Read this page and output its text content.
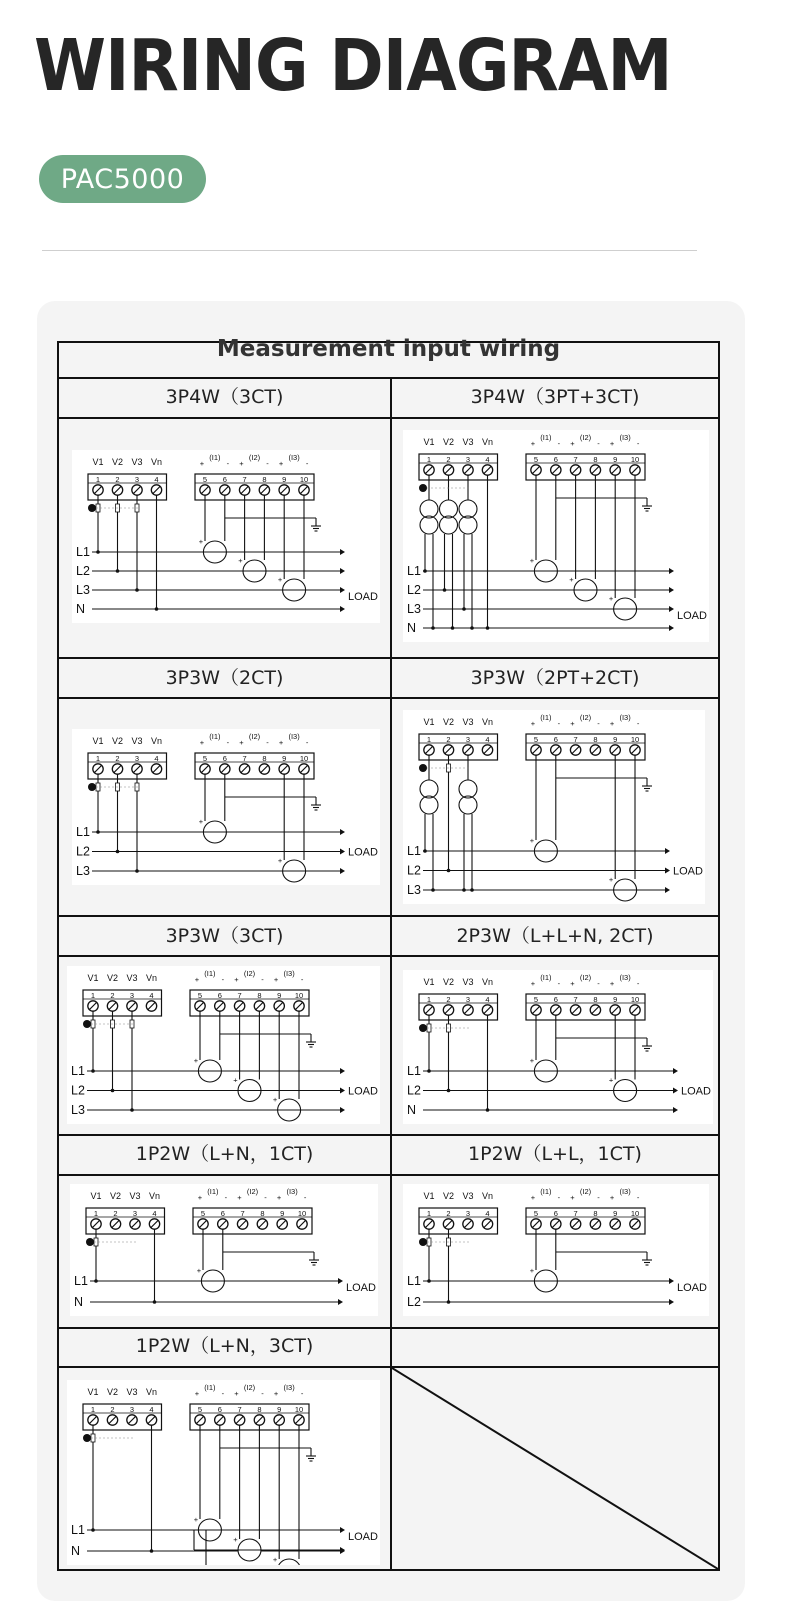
WIRING DIAGRAM
PAC5000
Measurement input wiring
3P4W（3CT)	3P4W（3PT+3CT)
3P3W（2CT)	3P3W（2PT+2CT)
3P3W（3CT)	2P3W（L+L+N, 2CT)
1P2W（L+N，1CT)	1P2W（L+L，1CT)
1P2W（L+N，3CT)
V1
1
V2
2
V3
3
Vn
4
(I1)
+	-
(I2)
+	-
(I3)
+	-
5 6 7 8 9 10
A
L1
L2
L3
N
LOAD
+
+
+
V1
1
V2
2
V3
3
Vn
4
(I1)
+	-
(I2)
+	-
(I3)
+	-
5 6 7 8 9 10
A
L1
L2
L3
N
LOAD
+
+
+
V1
1
V2
2
V3
3
Vn
4
(I1)
+	-
(I2)
+	-
(I3)
+	-
5 6 7 8 9 10
A
L1
L2
L3
LOAD
+
+
V1
1
V2
2
V3
3
Vn
4
(I1)
+	-
(I2)
+	-
(I3)
+	-
5 6 7 8 9 10
A
L1
L2
L3
LOAD
+
+
V1
1
V2
2
V3
3
Vn
4
(I1)
+	-
(I2)
+	-
(I3)
+	-
5 6 7 8 9 10
A
L1
L2
L3
LOAD
+
+
+
V1
1
V2
2
V3
3
Vn
4
(I1)
+	-
(I2)
+	-
(I3)
+	-
5 6 7 8 9 10
A
L1
L2
N
LOAD
+
+
V1
1
V2
2
V3
3
Vn
4
(I1)
+	-
(I2)
+	-
(I3)
+	-
5 6 7 8 9 10
A
L1
N
LOAD
+
V1
1
V2
2
V3
3
Vn
4
(I1)
+	-
(I2)
+	-
(I3)
+	-
5 6 7 8 9 10
A
L1
L2
LOAD
+
V1
1
V2
2
V3
3
Vn
4
(I1)
+	-
(I2)
+	-
(I3)
+	-
5 6 7 8 9 10
A
L1
N
LOAD
+
+
+
